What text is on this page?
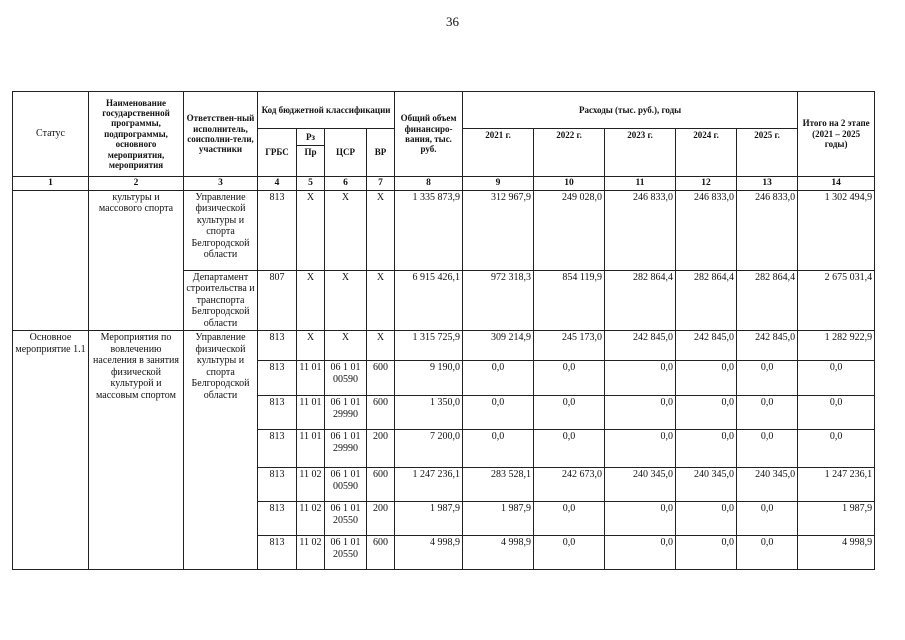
36
Статус	Наименование государственной программы, подпрограммы, основного мероприятия, мероприятия	Ответствен-ный исполнитель, соисполни-тели, участники	Код бюджетной классификации				Общий объем финансиро-вания, тыс. руб.	Расходы (тыс. руб.), годы					Итого на 2 этапе (2021 – 2025 годы)
			ГРБС	Рз	ЦСР	ВР		2021 г.	2022 г.	2023 г.	2024 г.	2025 г.	
				Пр									
1	2	3	4	5	6	7	8	9	10	11	12	13	14
	культуры и массового спорта	Управление физической культуры и спорта Белгородской области	813	X	X	X	1 335 873,9	312 967,9	249 028,0	246 833,0	246 833,0	246 833,0	1 302 494,9
		Департамент строительства и транспорта Белгородской области	807	X	X	X	6 915 426,1	972 318,3	854 119,9	282 864,4	282 864,4	282 864,4	2 675 031,4
Основное мероприятие 1.1	Мероприятия по вовлечению населения в занятия физической культурой и массовым спортом	Управление физической культуры и спорта Белгородской области	813	X	X	X	1 315 725,9	309 214,9	245 173,0	242 845,0	242 845,0	242 845,0	1 282 922,9
			813	11 01	06 1 01 00590	600	9 190,0	0,0	0,0	0,0	0,0	0,0	0,0
			813	11 01	06 1 01 29990	600	1 350,0	0,0	0,0	0,0	0,0	0,0	0,0
			813	11 01	06 1 01 29990	200	7 200,0	0,0	0,0	0,0	0,0	0,0	0,0
			813	11 02	06 1 01 00590	600	1 247 236,1	283 528,1	242 673,0	240 345,0	240 345,0	240 345,0	1 247 236,1
			813	11 02	06 1 01 20550	200	1 987,9	1 987,9	0,0	0,0	0,0	0,0	1 987,9
			813	11 02	06 1 01 20550	600	4 998,9	4 998,9	0,0	0,0	0,0	0,0	4 998,9
